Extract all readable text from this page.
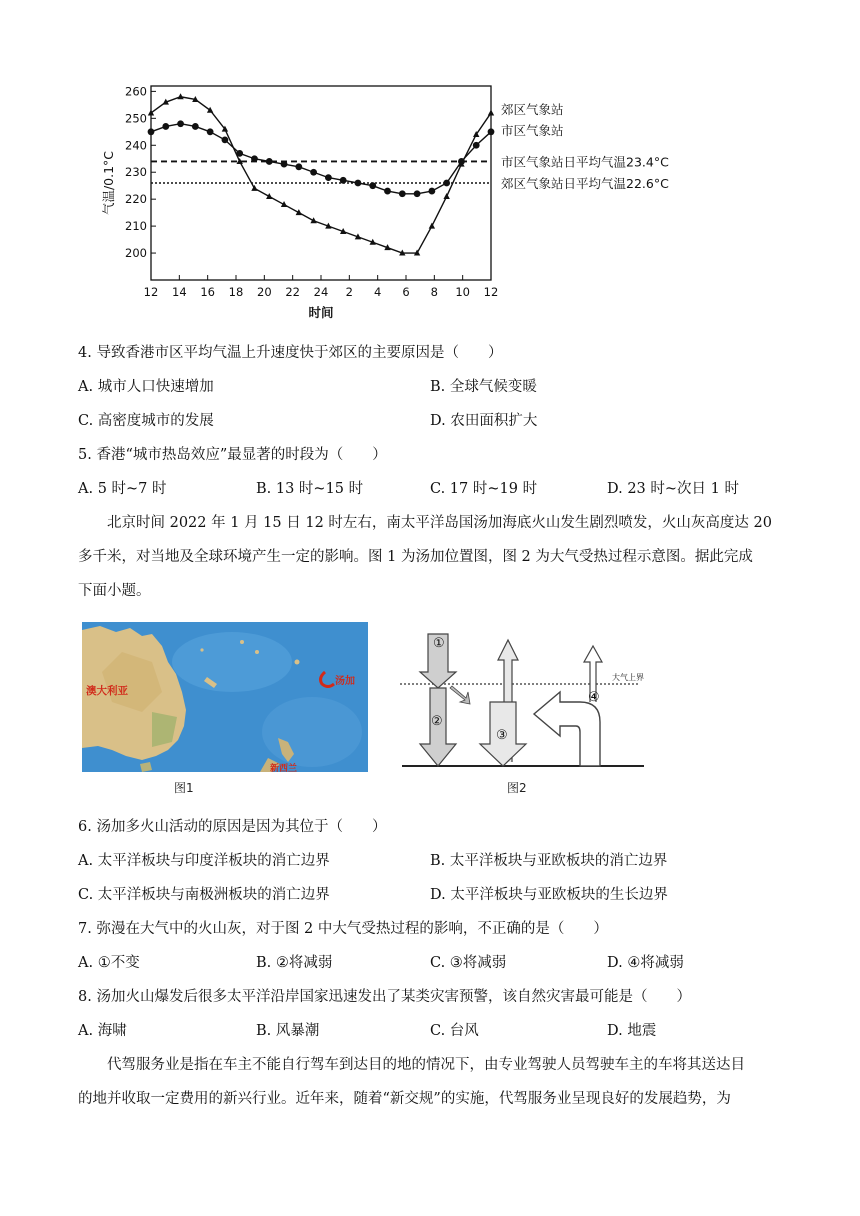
200
210
220
230
240
250
260
12 14 16 18 20 22 24 2 4 6 8 10 12
时间
气温/0.1°C	市区气象站日平均气温23.4°C
郊区气象站日平均气温22.6°C
郊区气象站
市区气象站
4. 导致香港市区平均气温上升速度快于郊区的主要原因是（　　）
A. 城市人口快速增加	B. 全球气候变暖
C. 高密度城市的发展	D. 农田面积扩大
5. 香港“城市热岛效应”最显著的时段为（　　）
A. 5 时~7 时	B. 13 时~15 时	C. 17 时~19 时	D. 23 时~次日 1 时
北京时间 2022 年 1 月 15 日 12 时左右，南太平洋岛国汤加海底火山发生剧烈喷发，火山灰高度达 20
多千米，对当地及全球环境产生一定的影响。图 1 为汤加位置图，图 2 为大气受热过程示意图。据此完成
下面小题。
汤加
澳大利亚
新西兰
图1
①
②
③
④
大气上界
图2
6. 汤加多火山活动的原因是因为其位于（　　）
A. 太平洋板块与印度洋板块的消亡边界	B. 太平洋板块与亚欧板块的消亡边界
C. 太平洋板块与南极洲板块的消亡边界	D. 太平洋板块与亚欧板块的生长边界
7. 弥漫在大气中的火山灰，对于图 2 中大气受热过程的影响，不正确的是（　　）
A. ①不变	B. ②将减弱	C. ③将减弱	D. ④将减弱
8. 汤加火山爆发后很多太平洋沿岸国家迅速发出了某类灾害预警，该自然灾害最可能是（　　）
A. 海啸	B. 风暴潮	C. 台风	D. 地震
代驾服务业是指在车主不能自行驾车到达目的地的情况下，由专业驾驶人员驾驶车主的车将其送达目
的地并收取一定费用的新兴行业。近年来，随着“新交规”的实施，代驾服务业呈现良好的发展趋势，为
